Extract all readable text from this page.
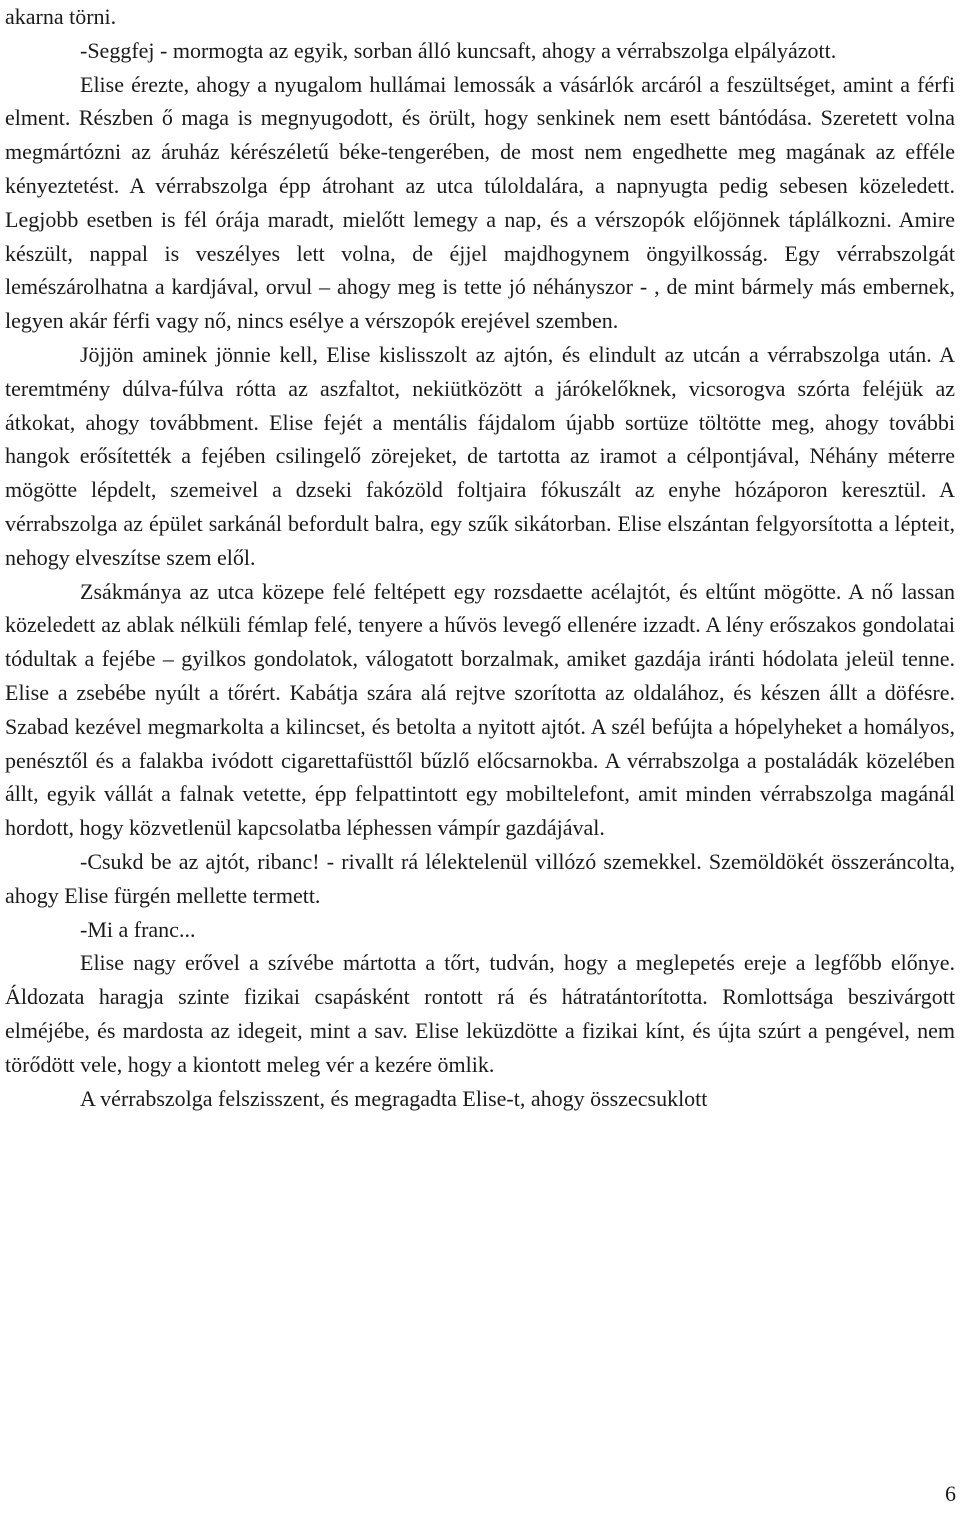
akarna törni.

-Seggfej - mormogta az egyik, sorban álló kuncsaft, ahogy a vérrabszolga elpályázott.

Elise érezte, ahogy a nyugalom hullámai lemossák a vásárlók arcáról a feszültséget, amint a férfi elment. Részben ő maga is megnyugodott, és örült, hogy senkinek nem esett bántódása. Szeretett volna megmártózni az áruház kérészéletű béke-tengerében, de most nem engedhette meg magának az efféle kényeztetést. A vérrabszolga épp átrohant az utca túloldalára, a napnyugta pedig sebesen közeledett. Legjobb esetben is fél órája maradt, mielőtt lemegy a nap, és a vérszopók előjönnek táplálkozni. Amire készült, nappal is veszélyes lett volna, de éjjel majdhogynem öngyilkosság. Egy vérrabszolgát lemészárolhatna a kardjával, orvul – ahogy meg is tette jó néhányszor - , de mint bármely más embernek, legyen akár férfi vagy nő, nincs esélye a vérszopók erejével szemben.

Jöjjön aminek jönnie kell, Elise kislisszolt az ajtón, és elindult az utcán a vérrabszolga után. A teremtmény dúlva-fúlva rótta az aszfaltot, nekiütközött a járókelőknek, vicsorogva szórta feléjük az átkokat, ahogy továbbment. Elise fejét a mentális fájdalom újabb sortüze töltötte meg, ahogy további hangok erősítették a fejében csilingelő zörejeket, de tartotta az iramot a célpontjával, Néhány méterre mögötte lépdelt, szemeivel a dzseki fakózöld foltjaira fókuszált az enyhe hózáporon keresztül. A vérrabszolga az épület sarkánál befordult balra, egy szűk sikátorban. Elise elszántan felgyorsította a lépteit, nehogy elveszítse szem elől.

Zsákmánya az utca közepe felé feltépett egy rozsdaette acélajtót, és eltűnt mögötte. A nő lassan közeledett az ablak nélküli fémlap felé, tenyere a hűvös levegő ellenére izzadt. A lény erőszakos gondolatai tódultak a fejébe – gyilkos gondolatok, válogatott borzalmak, amiket gazdája iránti hódolata jeleül tenne. Elise a zsebébe nyúlt a tőrért. Kabátja szára alá rejtve szorította az oldalához, és készen állt a döfésre. Szabad kezével megmarkolta a kilincset, és betolta a nyitott ajtót. A szél befújta a hópelyheket a homályos, penésztől és a falakba ivódott cigarettafüsttől bűzlő előcsarnokba. A vérrabszolga a postaládák közelében állt, egyik vállát a falnak vetette, épp felpattintott egy mobiltelefont, amit minden vérrabszolga magánál hordott, hogy közvetlenül kapcsolatba léphessen vámpír gazdájával.

-Csukd be az ajtót, ribanc! - rivallt rá lélektelenül villózó szemekkel. Szemöldökét összeráncolta, ahogy Elise fürgén mellette termett.

-Mi a franc...

Elise nagy erővel a szívébe mártotta a tőrt, tudván, hogy a meglepetés ereje a legfőbb előnye. Áldozata haragja szinte fizikai csapásként rontott rá és hátratántorította. Romlottsága beszivárgott elméjébe, és mardosta az idegeit, mint a sav. Elise leküzdötte a fizikai kínt, és újta szúrt a pengével, nem törődött vele, hogy a kiontott meleg vér a kezére ömlik.

A vérrabszolga felszisszent, és megragadta Elise-t, ahogy összecsuklott

6
